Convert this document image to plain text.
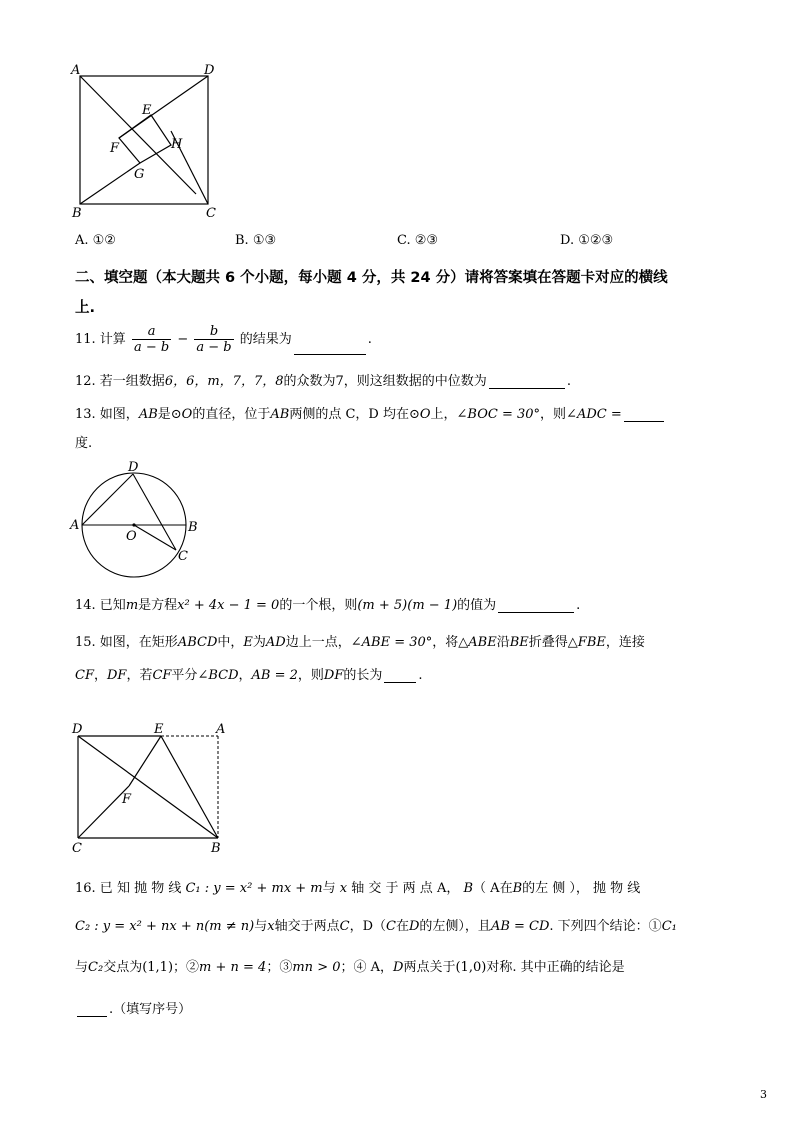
A	D
B	C
E
F
G
H
A. ①②	B. ①③	C. ②③	D. ①②③
二、填空题（本大题共 6 个小题，每小题 4 分，共 24 分）请将答案填在答题卡对应的横线
上.
11. 计算 $\frac{a}{a - b} - \frac{b}{a - b}$ 的结果为	.
12. 若一组数据6，6，m，7，7，8的众数为7，则这组数据的中位数为	.
13. 如图，AB是⊙O的直径，位于AB两侧的点 C，D 均在⊙O上，∠BOC = 30°，则∠ADC =
度.
D
A	B
O
C
14. 已知m是方程x² + 4x − 1 = 0的一个根，则(m + 5)(m − 1)的值为	.
15. 如图，在矩形ABCD中，E为AD边上一点，∠ABE = 30°，将△ABE沿BE折叠得△FBE，连接
CF，DF，若CF平分∠BCD，AB = 2，则DF的长为	.
D	E	A
F
C	B
16. 已 知 抛 物 线 C₁ : y = x² + mx + m与 x 轴 交 于 两 点 A， B（ A在B的左 侧 ）， 抛 物 线
C₂ : y = x² + nx + n(m ≠ n)与x轴交于两点C，D（C在D的左侧），且AB = CD. 下列四个结论：①C₁
与C₂交点为(1,1)；②m + n = 4；③mn > 0；④ A，D两点关于(1,0)对称. 其中正确的结论是
.（填写序号）
3
